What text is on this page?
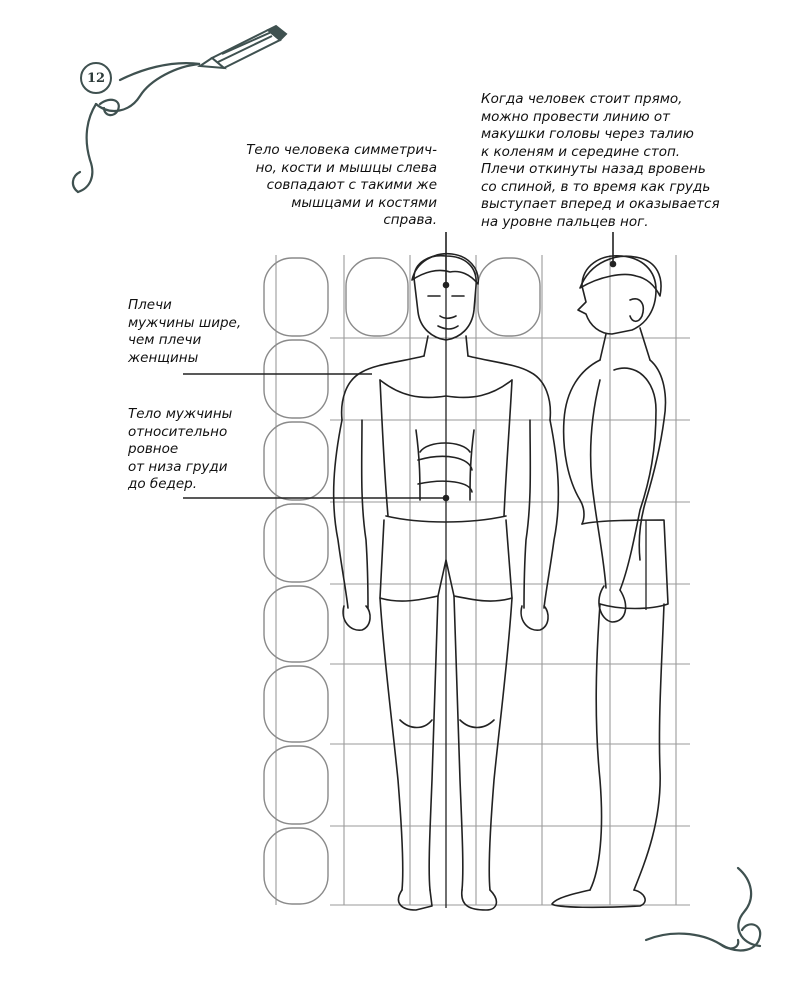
12

Тело человека симметрич-
но, кости и мышцы слева
совпадают с такими же
мышцами и костями
справа.

Когда человек стоит прямо,
можно провести линию от
макушки головы через талию
к коленям и середине стоп.
Плечи откинуты назад вровень
со спиной, в то время как грудь
выступает вперед и оказывается
на уровне пальцев ног.

Плечи
мужчины шире,
чем плечи
женщины

Тело мужчины
относительно
ровное
от низа груди
до бедер.
